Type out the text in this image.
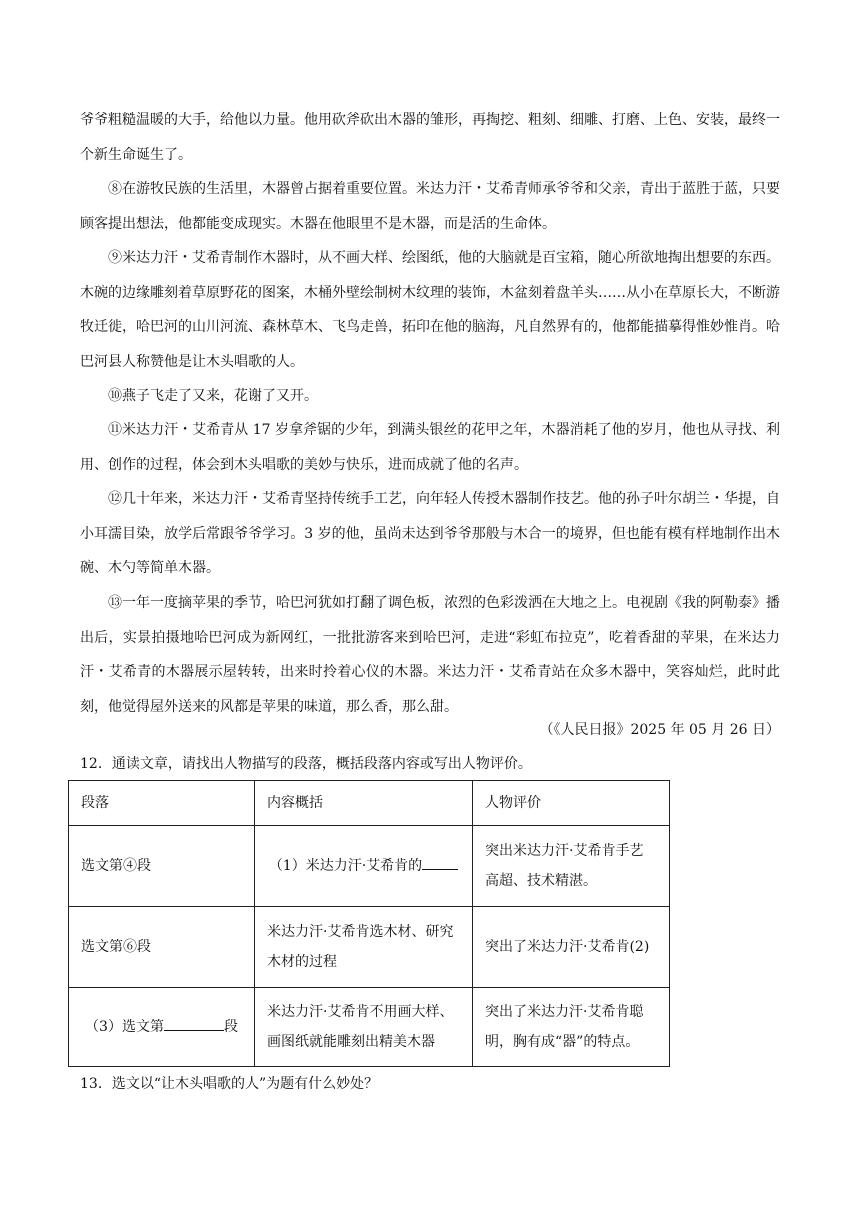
爷爷粗糙温暖的大手，给他以力量。他用砍斧砍出木器的雏形，再掏挖、粗刻、细雕、打磨、上色、安装，最终一个新生命诞生了。

⑧在游牧民族的生活里，木器曾占据着重要位置。米达力汗・艾希青师承爷爷和父亲，青出于蓝胜于蓝，只要顾客提出想法，他都能变成现实。木器在他眼里不是木器，而是活的生命体。

⑨米达力汗・艾希青制作木器时，从不画大样、绘图纸，他的大脑就是百宝箱，随心所欲地掏出想要的东西。木碗的边缘雕刻着草原野花的图案，木桶外壁绘制树木纹理的装饰，木盆刻着盘羊头……从小在草原长大，不断游牧迁徙，哈巴河的山川河流、森林草木、飞鸟走兽，拓印在他的脑海，凡自然界有的，他都能描摹得惟妙惟肖。哈巴河县人称赞他是让木头唱歌的人。

⑩燕子飞走了又来，花谢了又开。

⑪米达力汗・艾希青从 17 岁拿斧锯的少年，到满头银丝的花甲之年，木器消耗了他的岁月，他也从寻找、利用、创作的过程，体会到木头唱歌的美妙与快乐，进而成就了他的名声。

⑫几十年来，米达力汗・艾希青坚持传统手工艺，向年轻人传授木器制作技艺。他的孙子叶尔胡兰・华提，自小耳濡目染，放学后常跟爷爷学习。3 岁的他，虽尚未达到爷爷那般与木合一的境界，但也能有模有样地制作出木碗、木勺等简单木器。

⑬一年一度摘苹果的季节，哈巴河犹如打翻了调色板，浓烈的色彩泼洒在大地之上。电视剧《我的阿勒泰》播出后，实景拍摄地哈巴河成为新网红，一批批游客来到哈巴河，走进“彩虹布拉克”，吃着香甜的苹果，在米达力汗・艾希青的木器展示屋转转，出来时拎着心仪的木器。米达力汗・艾希青站在众多木器中，笑容灿烂，此时此刻，他觉得屋外送来的风都是苹果的味道，那么香，那么甜。

（《人民日报》2025 年 05 月 26 日）
12．通读文章，请找出人物描写的段落，概括段落内容或写出人物评价。
段落	内容概括	人物评价
选文第④段	（1）米达力汗·艾希肯的	突出米达力汗·艾希肯手艺高超、技术精湛。
选文第⑥段	米达力汗·艾希肯选木材、研究木材的过程	突出了米达力汗·艾希肯(2)
（3）选文第 段	米达力汗·艾希肯不用画大样、画图纸就能雕刻出精美木器	突出了米达力汗·艾希肯聪明，胸有成“器”的特点。
13．选文以“让木头唱歌的人”为题有什么妙处？
